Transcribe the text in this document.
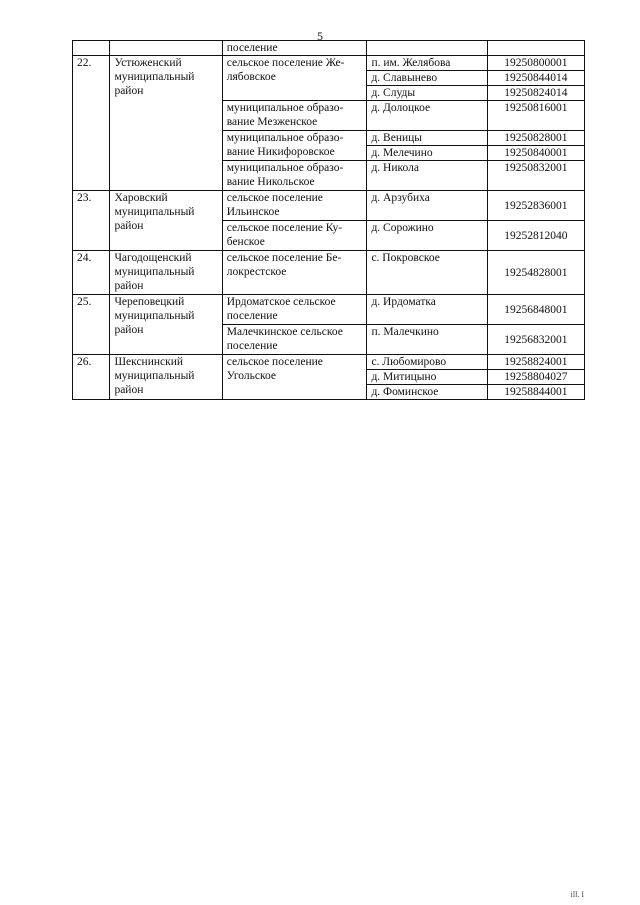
5
		поселение		
22.	Устюженский муниципальный район	сельское поселение Же-лябовское	п. им. Желябова	19250800001
			д. Славынево	19250844014
			д. Слуды	19250824014
		муниципальное образо-вание Мезженское	д. Долоцкое	19250816001
		муниципальное образо-вание Никифоровское	д. Веницы	19250828001
			д. Мелечино	19250840001
		муниципальное образо-вание Никольское	д. Никола	19250832001
23.	Харовский муниципальный район	сельское поселение Ильинское	д. Арзубиха	19252836001
		сельское поселение Ку-бенское	д. Сорожино	19252812040
24.	Чагодощенский муниципальный район	сельское поселение Бе-локрестское	с. Покровское	19254828001
25.	Череповецкий муниципальный район	Ирдоматское сельское поселение	д. Ирдоматка	19256848001
		Малечкинское сельское поселение	п. Малечкино	19256832001
26.	Шекснинский муниципальный район	сельское поселение Угольское	с. Любомирово	19258824001
			д. Митицыно	19258804027
			д. Фоминское	19258844001
ill. I
